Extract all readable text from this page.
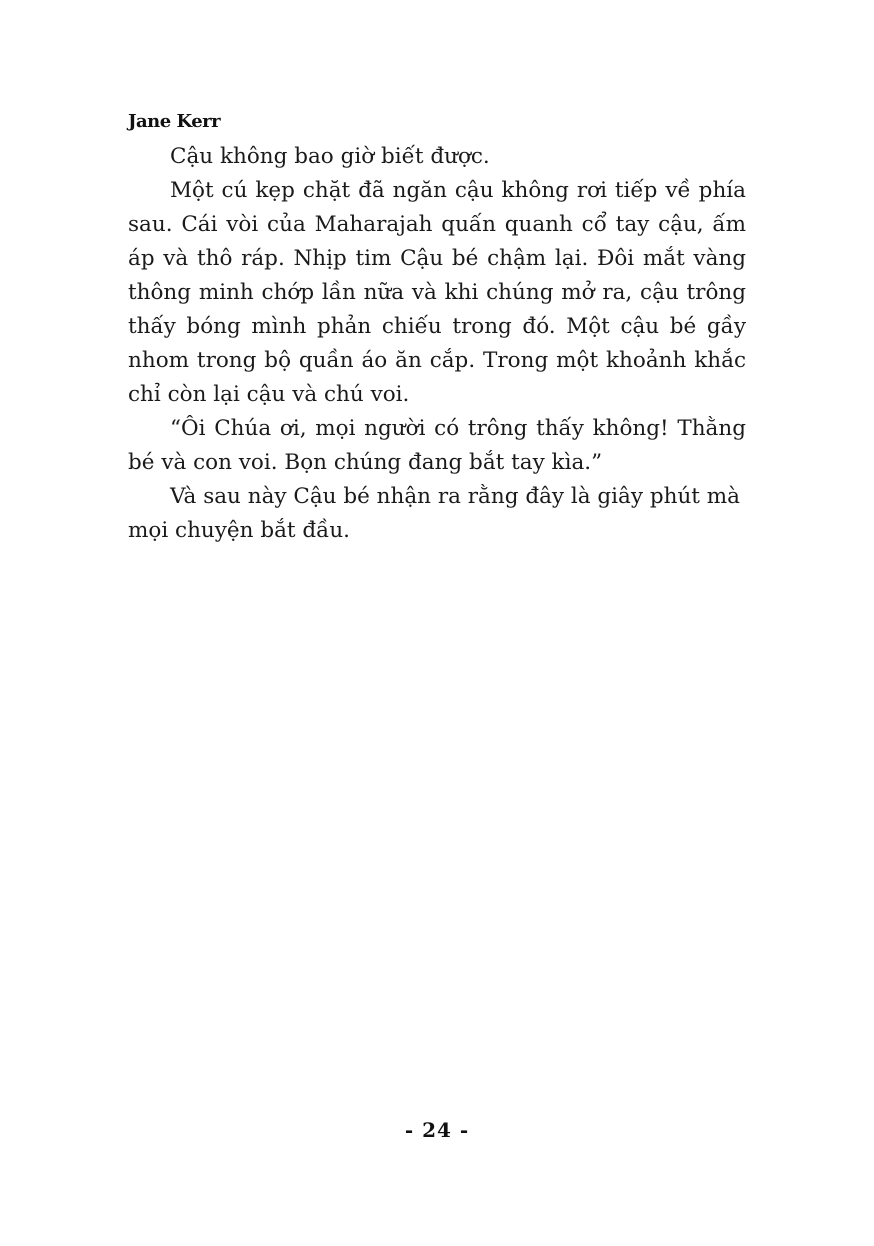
Jane Kerr

Cậu không bao giờ biết được.

Một cú kẹp chặt đã ngăn cậu không rơi tiếp về phía sau. Cái vòi của Maharajah quấn quanh cổ tay cậu, ấm áp và thô ráp. Nhịp tim Cậu bé chậm lại. Đôi mắt vàng thông minh chớp lần nữa và khi chúng mở ra, cậu trông thấy bóng mình phản chiếu trong đó. Một cậu bé gầy nhom trong bộ quần áo ăn cắp. Trong một khoảnh khắc chỉ còn lại cậu và chú voi.

“Ôi Chúa ơi, mọi người có trông thấy không! Thằng bé và con voi. Bọn chúng đang bắt tay kìa.”

Và sau này Cậu bé nhận ra rằng đây là giây phút mà mọi chuyện bắt đầu.

- 24 -
